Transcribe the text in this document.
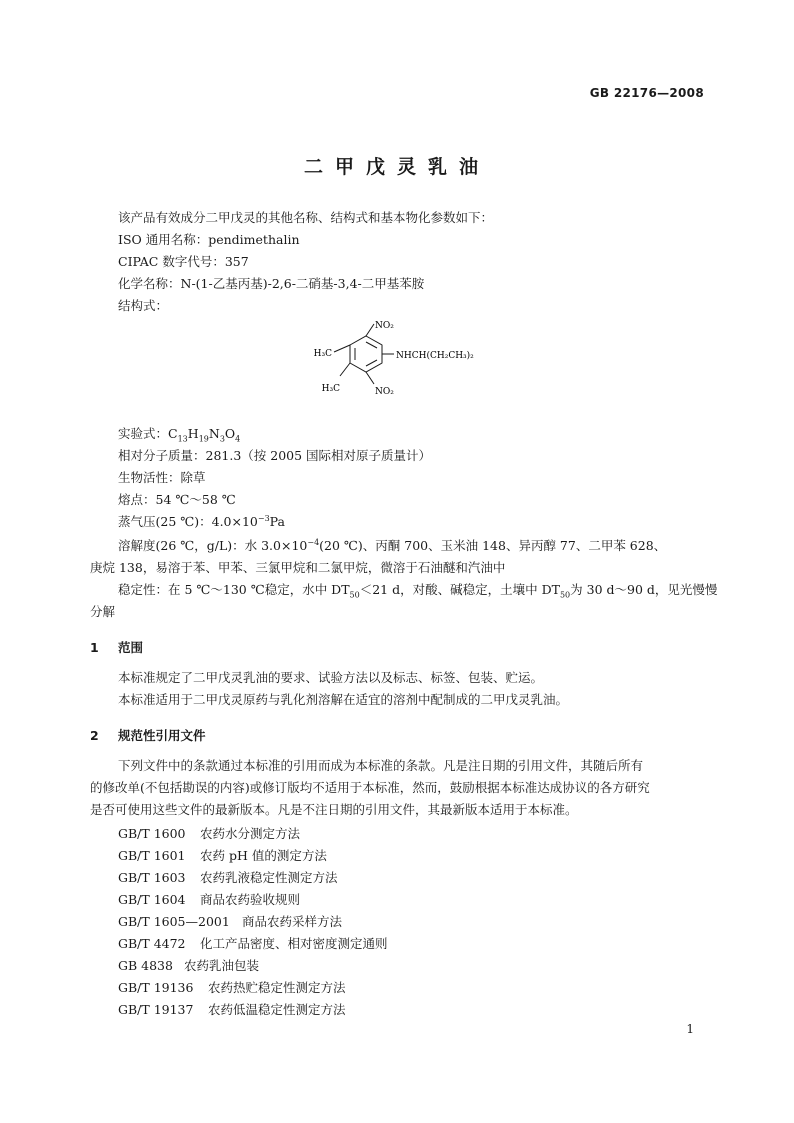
GB 22176—2008
二甲戊灵乳油
该产品有效成分二甲戊灵的其他名称、结构式和基本物化参数如下：
ISO 通用名称：pendimethalin
CIPAC 数字代号：357
化学名称：N-(1-乙基丙基)-2,6-二硝基-3,4-二甲基苯胺
结构式：
NO₂
NHCH(CH₂CH₃)₂
H₃C
H₃C	NO₂
实验式：$C_{13}H_{19}N_3O_4$
相对分子质量：281.3（按 2005 国际相对原子质量计）
生物活性：除草
熔点：54 ℃～58 ℃
蒸气压(25 ℃)：$4.0\times 10^{-3}Pa$
溶解度(26 ℃，g/L)：水 $3.0\times 10^{-4}(20$ ℃)、丙酮 700、玉米油 148、异丙醇 77、二甲苯 628、
庚烷 138，易溶于苯、甲苯、三氯甲烷和二氯甲烷，微溶于石油醚和汽油中
稳定性：在 5 ℃～130 ℃稳定，水中 $DT_{50}<21$ d，对酸、碱稳定，土壤中 $DT_{50}$为 30 d～90 d，见光慢慢
分解
1 范围
本标准规定了二甲戊灵乳油的要求、试验方法以及标志、标签、包装、贮运。
本标准适用于二甲戊灵原药与乳化剂溶解在适宜的溶剂中配制成的二甲戊灵乳油。
2 规范性引用文件
下列文件中的条款通过本标准的引用而成为本标准的条款。凡是注日期的引用文件，其随后所有
的修改单(不包括勘误的内容)或修订版均不适用于本标准，然而，鼓励根据本标准达成协议的各方研究
是否可使用这些文件的最新版本。凡是不注日期的引用文件，其最新版本适用于本标准。
GB/T 1600 农药水分测定方法
GB/T 1601 农药 pH 值的测定方法
GB/T 1603 农药乳液稳定性测定方法
GB/T 1604 商品农药验收规则
GB/T 1605—2001 商品农药采样方法
GB/T 4472 化工产品密度、相对密度测定通则
GB 4838 农药乳油包装
GB/T 19136 农药热贮稳定性测定方法
GB/T 19137 农药低温稳定性测定方法
1
